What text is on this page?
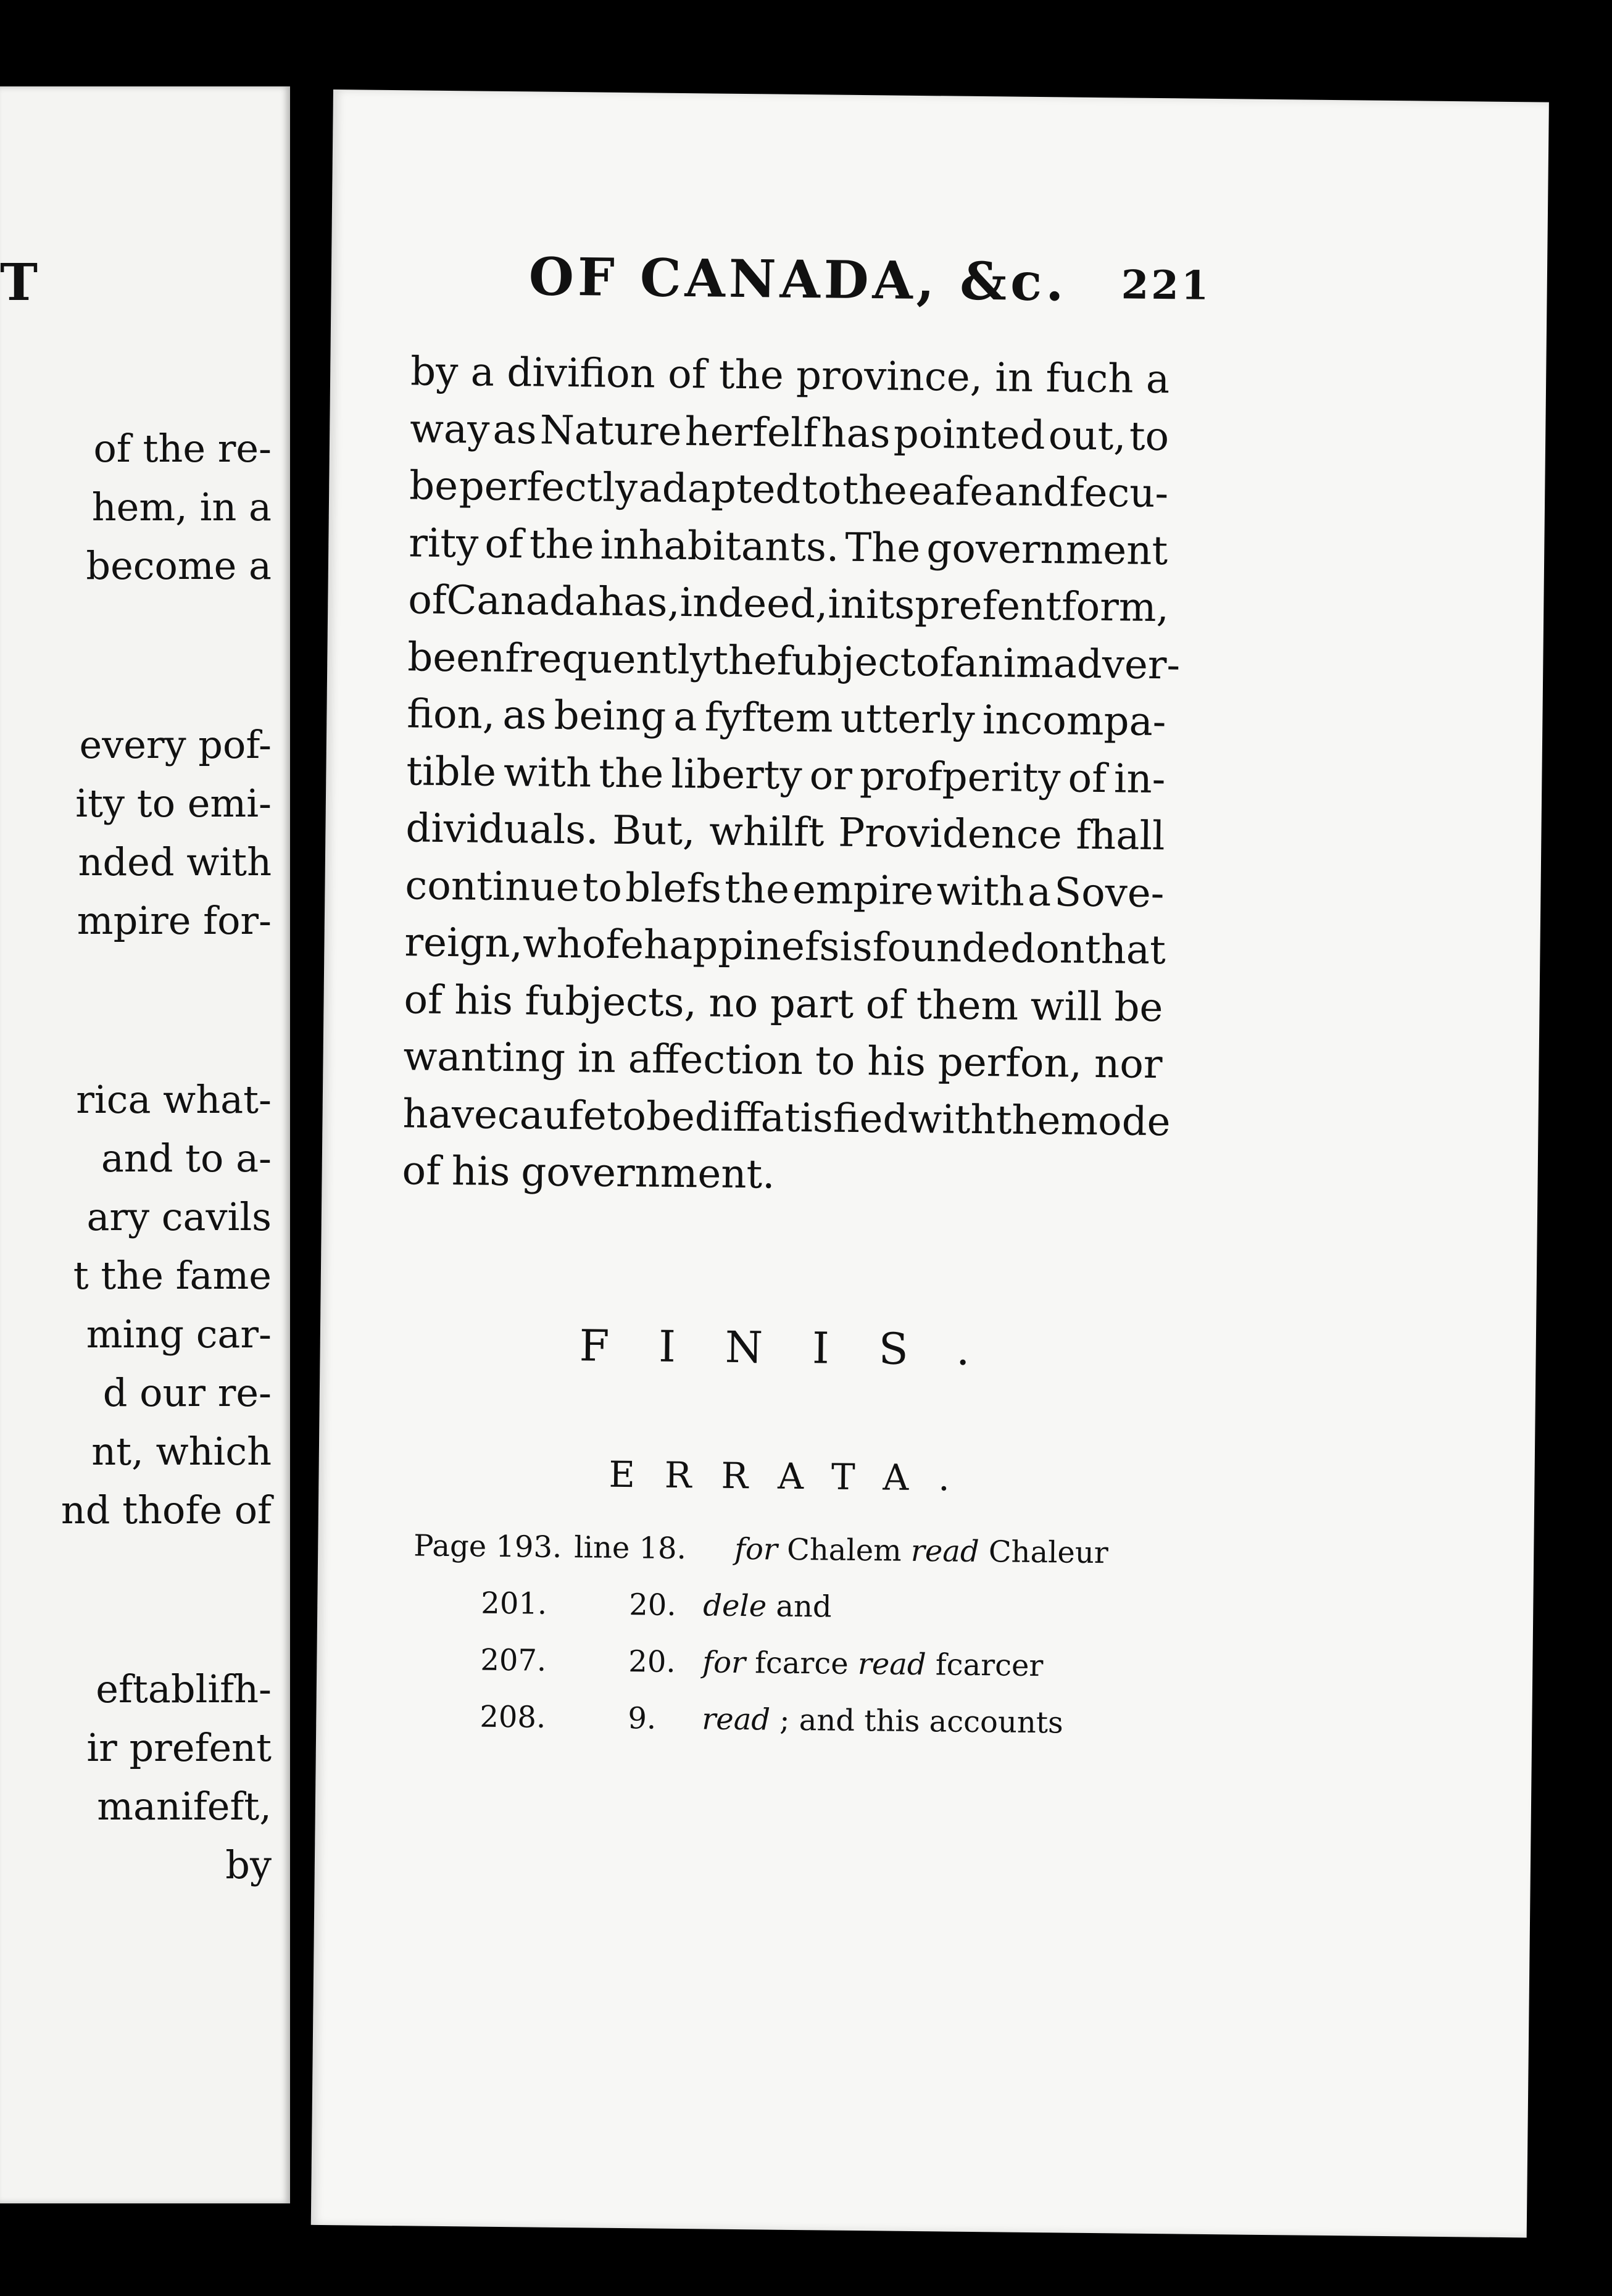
T
of the re-
hem, in a
become a
every pof-
ity to emi-
nded with
mpire for-
rica what-
and to a-
ary cavils
t the fame
ming car-
d our re-
nt, which
nd thofe of
eftablifh-
ir prefent
manifeft,
by
OF CANADA, &c. 221
by a divifion of the province, in fuch a
way as Nature herfelf has pointed out, to
be perfectly adapted to the eafe and fecu-
rity of the inhabitants. The government
of Canada has, indeed, in its prefent form,
been frequently the fubject of animadver-
fion, as being a fyftem utterly incompa-
tible with the liberty or profperity of in-
dividuals. But, whilft Providence fhall
continue to blefs the empire with a Sove-
reign, whofe happinefs is founded on that
of his fubjects, no part of them will be
wanting in affection to his perfon, nor
have caufe to be diffatisfied with the mode
of his government.
FINIS.
ERRATA.
Page 193. line 18. for Chalem read Chaleur
201.	20. dele and
207.	20. for fcarce read fcarcer
208.	9. read ; and this accounts
